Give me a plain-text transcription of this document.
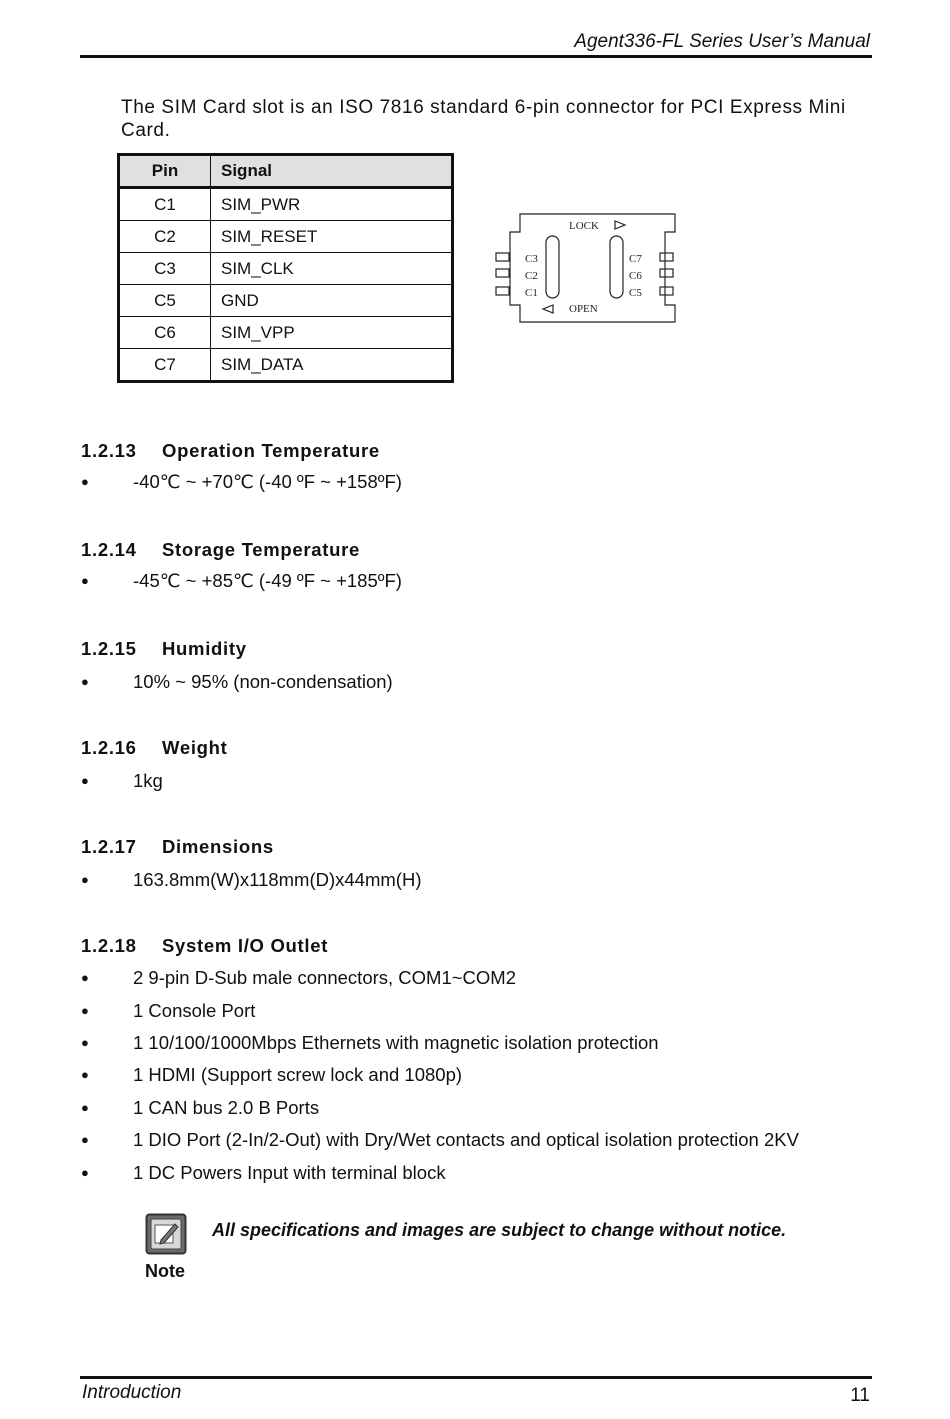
Agent336-FL Series User’s Manual
The SIM Card slot is an ISO 7816 standard 6-pin connector for PCI Express Mini Card.
Pin	Signal
C1	SIM_PWR
C2	SIM_RESET
C3	SIM_CLK
C5	GND
C6	SIM_VPP
C7	SIM_DATA
LOCK
OPEN
C3
C2
C1
C7
C6
C5
1.2.13 Operation Temperature
● -40℃ ~ +70℃ (-40 ºF ~ +158ºF)
1.2.14 Storage Temperature
● -45℃ ~ +85℃ (-49 ºF ~ +185ºF)
1.2.15 Humidity
● 10% ~ 95% (non-condensation)
1.2.16 Weight
● 1kg
1.2.17 Dimensions
● 163.8mm(W)x118mm(D)x44mm(H)
1.2.18 System I/O Outlet
● 2 9-pin D-Sub male connectors, COM1~COM2
● 1 Console Port
● 1 10/100/1000Mbps Ethernets with magnetic isolation protection
● 1 HDMI (Support screw lock and 1080p)
● 1 CAN bus 2.0 B Ports
● 1 DIO Port (2-In/2-Out) with Dry/Wet contacts and optical isolation protection 2KV
● 1 DC Powers Input with terminal block
Note
All specifications and images are subject to change without notice.
Introduction	11
